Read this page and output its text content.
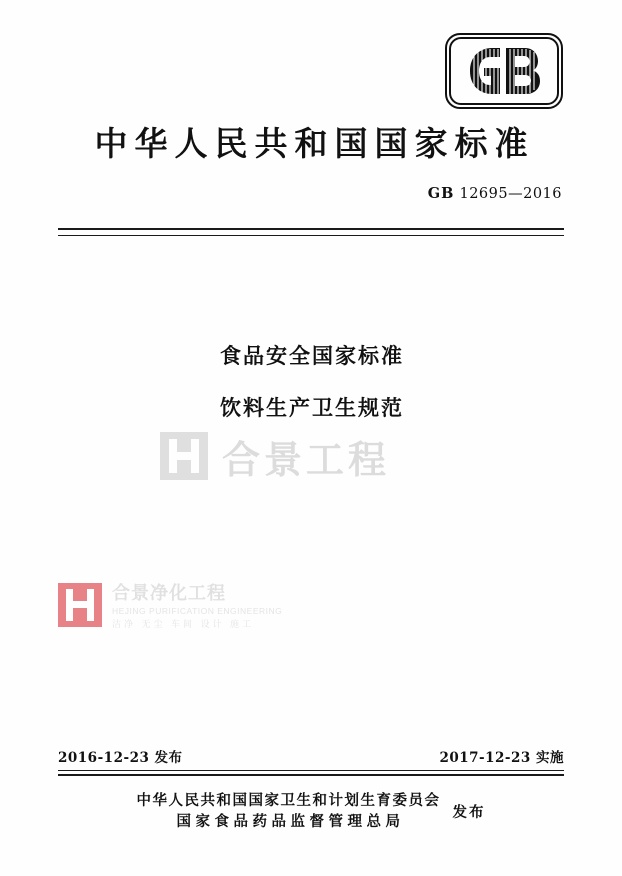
中华人民共和国国家标准
GB 12695—2016
食品安全国家标准
饮料生产卫生规范
合景工程
合景净化工程
HEJING PURIFICATION ENGINEERING
洁净 无尘 车间 设计 施工
2016-12-23 发布	2017-12-23 实施
中华人民共和国国家卫生和计划生育委员会
国家食品药品监督管理总局
发布
